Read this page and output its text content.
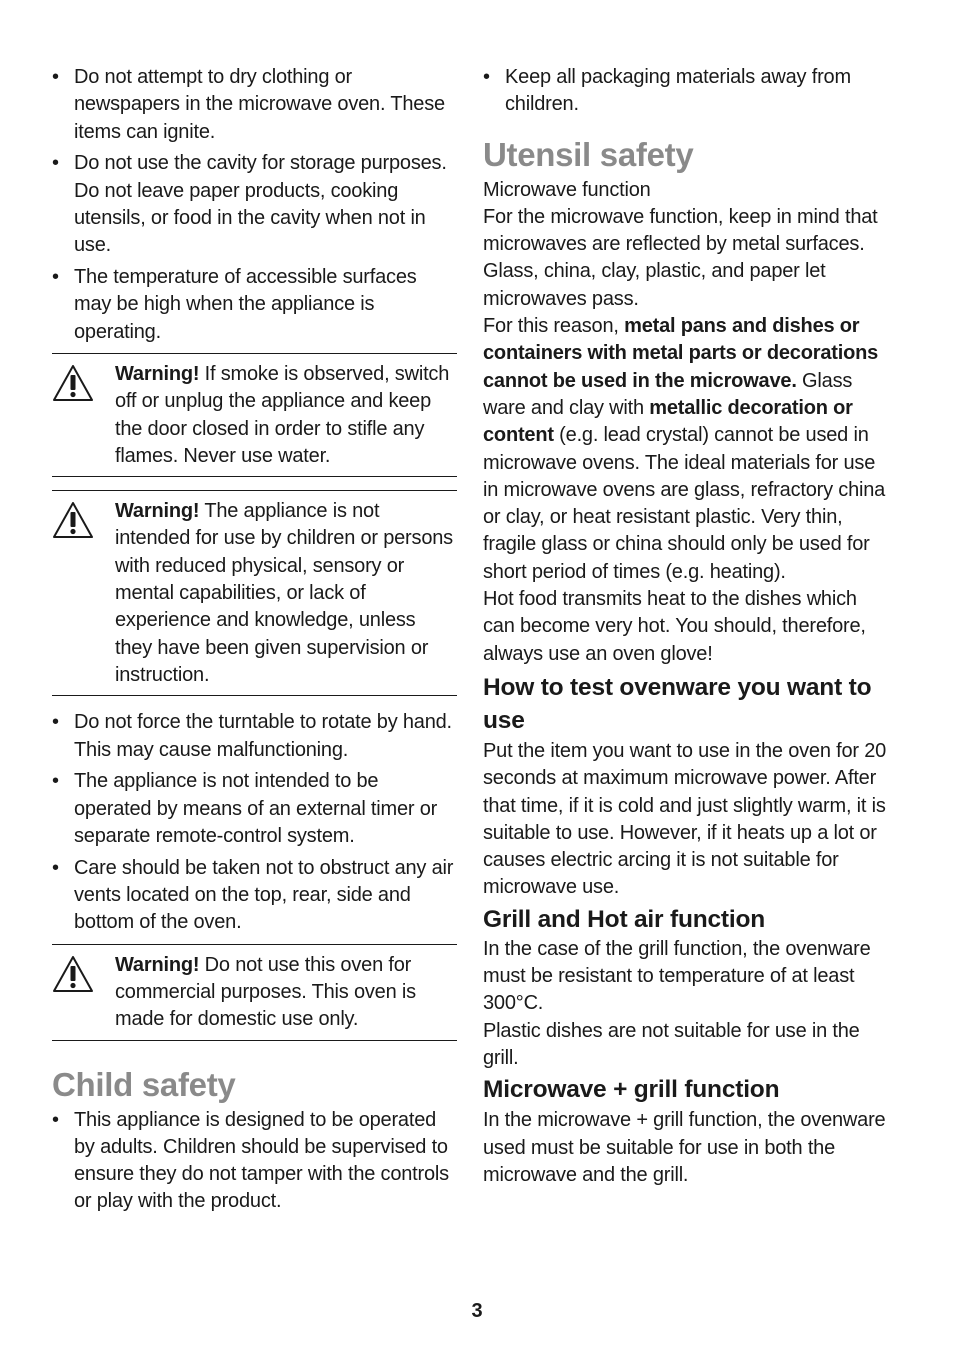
• Do not attempt to dry clothing or newspapers in the microwave oven. These items can ignite.
• Do not use the cavity for storage purposes. Do not leave paper products, cooking utensils, or food in the cavity when not in use.
• The temperature of accessible surfaces may be high when the appliance is operating.

Warning! If smoke is observed, switch off or unplug the appliance and keep the door closed in order to stifle any flames. Never use water.

Warning! The appliance is not intended for use by children or persons with reduced physical, sensory or mental capabilities, or lack of experience and knowledge, unless they have been given supervision or instruction.

• Do not force the turntable to rotate by hand. This may cause malfunctioning.
• The appliance is not intended to be operated by means of an external timer or separate remote-control system.
• Care should be taken not to obstruct any air vents located on the top, rear, side and bottom of the oven.

Warning! Do not use this oven for commercial purposes. This oven is made for domestic use only.

Child safety
• This appliance is designed to be operated by adults. Children should be supervised to ensure they do not tamper with the controls or play with the product.
• Keep all packaging materials away from children.
Utensil safety

Microwave function

For the microwave function, keep in mind that microwaves are reflected by metal surfaces. Glass, china, clay, plastic, and paper let microwaves pass.

For this reason, metal pans and dishes or containers with metal parts or decorations cannot be used in the microwave. Glass ware and clay with metallic decoration or content (e.g. lead crystal) cannot be used in microwave ovens. The ideal materials for use in microwave ovens are glass, refractory china or clay, or heat resistant plastic. Very thin, fragile glass or china should only be used for short period of times (e.g. heating).

Hot food transmits heat to the dishes which can become very hot. You should, therefore, always use an oven glove!

How to test ovenware you want to use

Put the item you want to use in the oven for 20 seconds at maximum microwave power. After that time, if it is cold and just slightly warm, it is suitable to use. However, if it heats up a lot or causes electric arcing it is not suitable for microwave use.

Grill and Hot air function

In the case of the grill function, the ovenware must be resistant to temperature of at least 300°C.

Plastic dishes are not suitable for use in the grill.

Microwave + grill function

In the microwave + grill function, the ovenware used must be suitable for use in both the microwave and the grill.

3
